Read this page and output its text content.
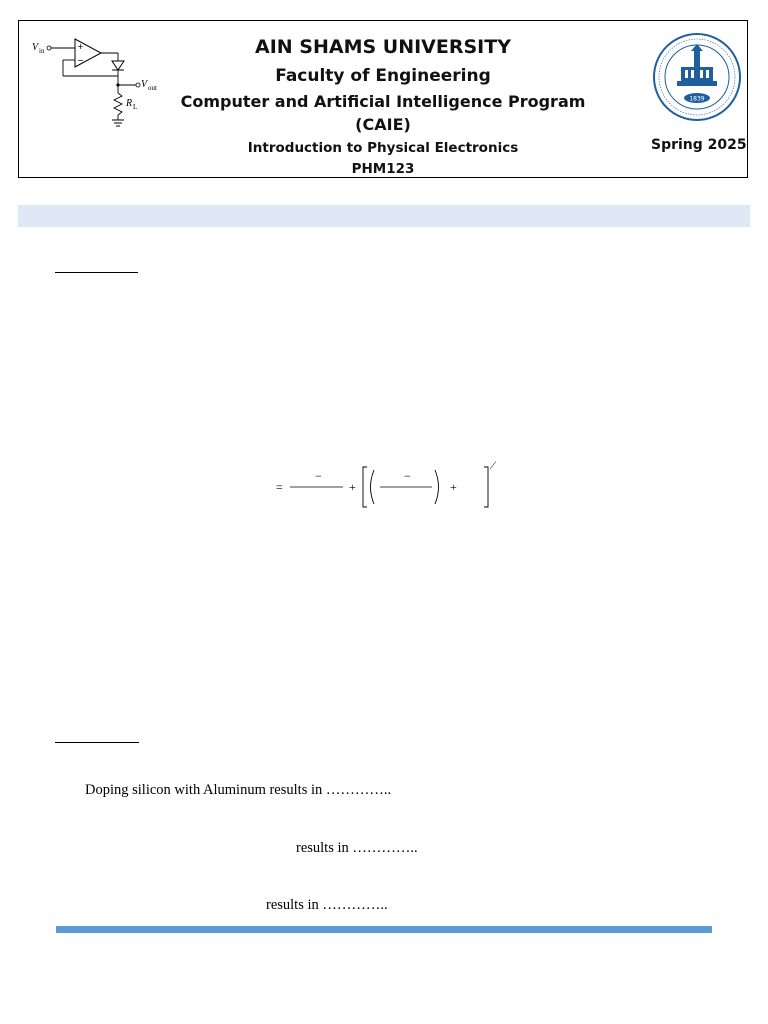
V in	+
−
V out
R L
AIN SHAMS UNIVERSITY
Faculty of Engineering
Computer and Artificial Intelligence Program
(CAIE)
Introduction to Physical Electronics
PHM123
1839
Spring 2025
=
−
+
−
+
⁄
Doping silicon with Aluminum results in …………..
results in …………..
results in …………..
